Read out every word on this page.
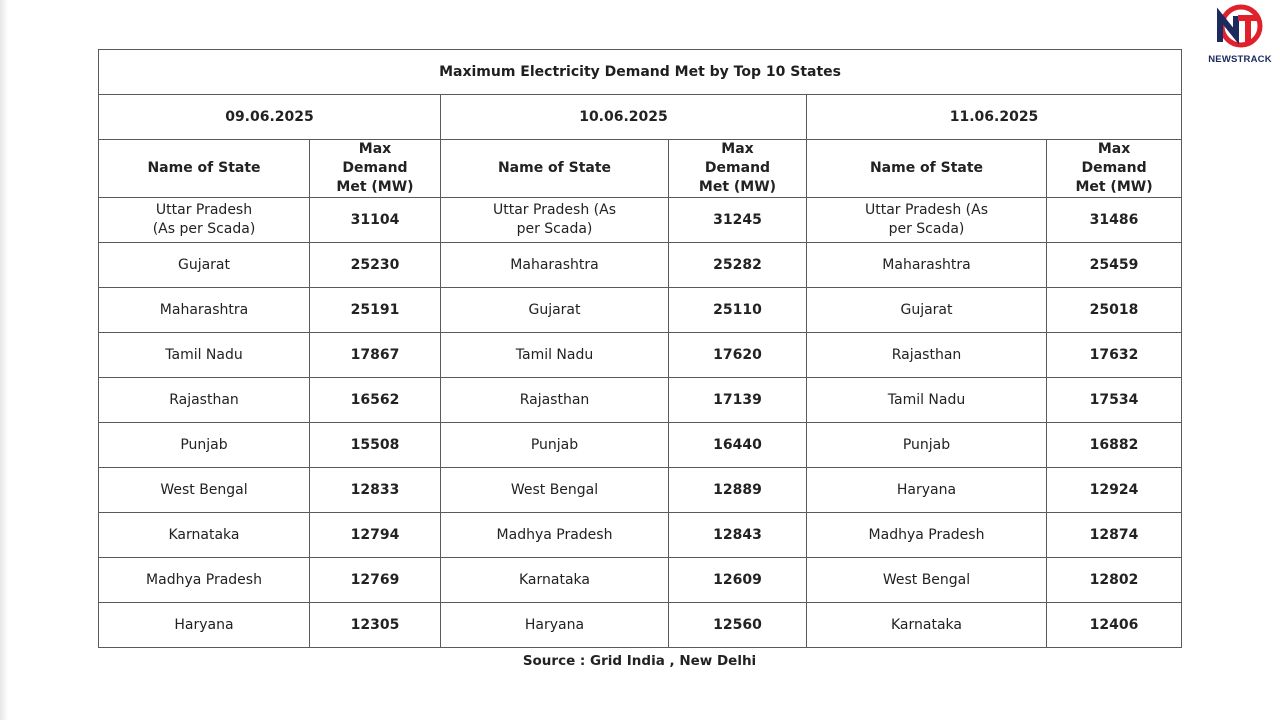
Maximum Electricity Demand Met by Top 10 States					
09.06.2025		10.06.2025		11.06.2025	
Name of State	Max Demand Met (MW)	Name of State	Max Demand Met (MW)	Name of State	Max Demand Met (MW)
Uttar Pradesh (As per Scada)	31104	Uttar Pradesh (As per Scada)	31245	Uttar Pradesh (As per Scada)	31486
Gujarat	25230	Maharashtra	25282	Maharashtra	25459
Maharashtra	25191	Gujarat	25110	Gujarat	25018
Tamil Nadu	17867	Tamil Nadu	17620	Rajasthan	17632
Rajasthan	16562	Rajasthan	17139	Tamil Nadu	17534
Punjab	15508	Punjab	16440	Punjab	16882
West Bengal	12833	West Bengal	12889	Haryana	12924
Karnataka	12794	Madhya Pradesh	12843	Madhya Pradesh	12874
Madhya Pradesh	12769	Karnataka	12609	West Bengal	12802
Haryana	12305	Haryana	12560	Karnataka	12406
Source : Grid India , New Delhi
NEWSTRACK
